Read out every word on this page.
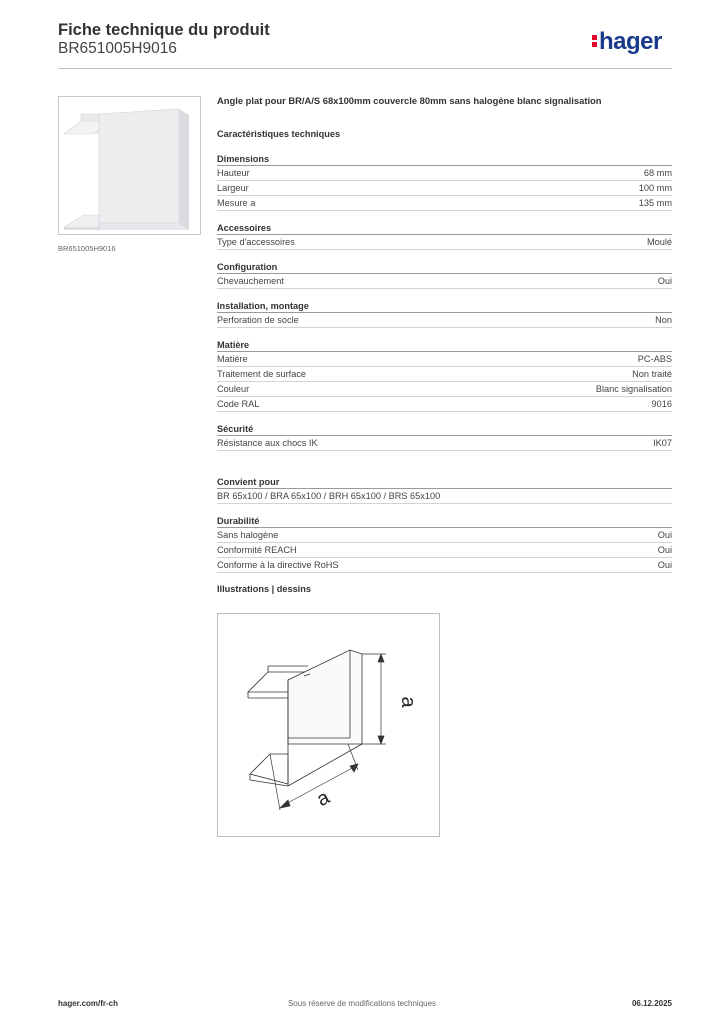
Fiche technique du produit
BR651005H9016	hager
BR651005H9016
Angle plat pour BR/A/S 68x100mm couvercle 80mm sans halogène blanc signalisation
Caractéristiques techniques
Dimensions
Hauteur	68 mm
Largeur	100 mm
Mesure a	135 mm
Accessoires
Type d'accessoires	Moulé
Configuration
Chevauchement	Oui
Installation, montage
Perforation de socle	Non
Matière
Matière	PC-ABS
Traitement de surface	Non traité
Couleur	Blanc signalisation
Code RAL	9016
Sécurité
Résistance aux chocs IK	IK07
Convient pour
BR 65x100 / BRA 65x100 / BRH 65x100 / BRS 65x100
Durabilité
Sans halogène	Oui
Conformité REACH	Oui
Conforme à la directive RoHS	Oui
Illustrations | dessins
a
a
hager.com/fr-ch	Sous réserve de modifications techniques	06.12.2025
